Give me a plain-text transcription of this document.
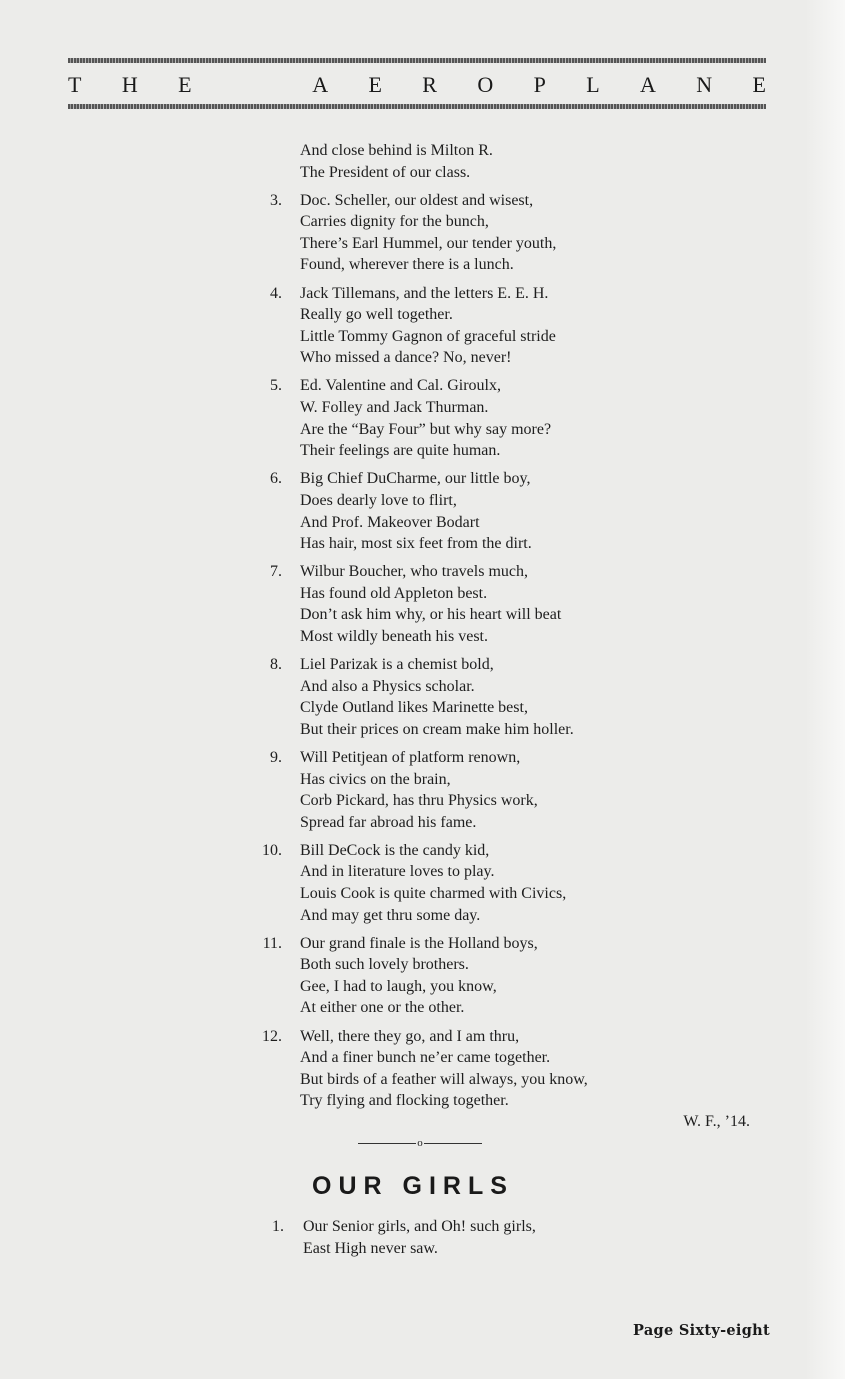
T H E	A E R O P L A N E
And close behind is Milton R.
The President of our class.
3.	Doc. Scheller, our oldest and wisest,
Carries dignity for the bunch,
There’s Earl Hummel, our tender youth,
Found, wherever there is a lunch.
4.	Jack Tillemans, and the letters E. E. H.
Really go well together.
Little Tommy Gagnon of graceful stride
Who missed a dance? No, never!
5.	Ed. Valentine and Cal. Giroulx,
W. Folley and Jack Thurman.
Are the “Bay Four” but why say more?
Their feelings are quite human.
6.	Big Chief DuCharme, our little boy,
Does dearly love to flirt,
And Prof. Makeover Bodart
Has hair, most six feet from the dirt.
7.	Wilbur Boucher, who travels much,
Has found old Appleton best.
Don’t ask him why, or his heart will beat
Most wildly beneath his vest.
8.	Liel Parizak is a chemist bold,
And also a Physics scholar.
Clyde Outland likes Marinette best,
But their prices on cream make him holler.
9.	Will Petitjean of platform renown,
Has civics on the brain,
Corb Pickard, has thru Physics work,
Spread far abroad his fame.
10.	Bill DeCock is the candy kid,
And in literature loves to play.
Louis Cook is quite charmed with Civics,
And may get thru some day.
11.	Our grand finale is the Holland boys,
Both such lovely brothers.
Gee, I had to laugh, you know,
At either one or the other.
12.	Well, there they go, and I am thru,
And a finer bunch ne’er came together.
But birds of a feather will always, you know,
Try flying and flocking together.
W. F., ’14.
o
OUR GIRLS
1.	Our Senior girls, and Oh! such girls,
East High never saw.
Page Sixty-eight
